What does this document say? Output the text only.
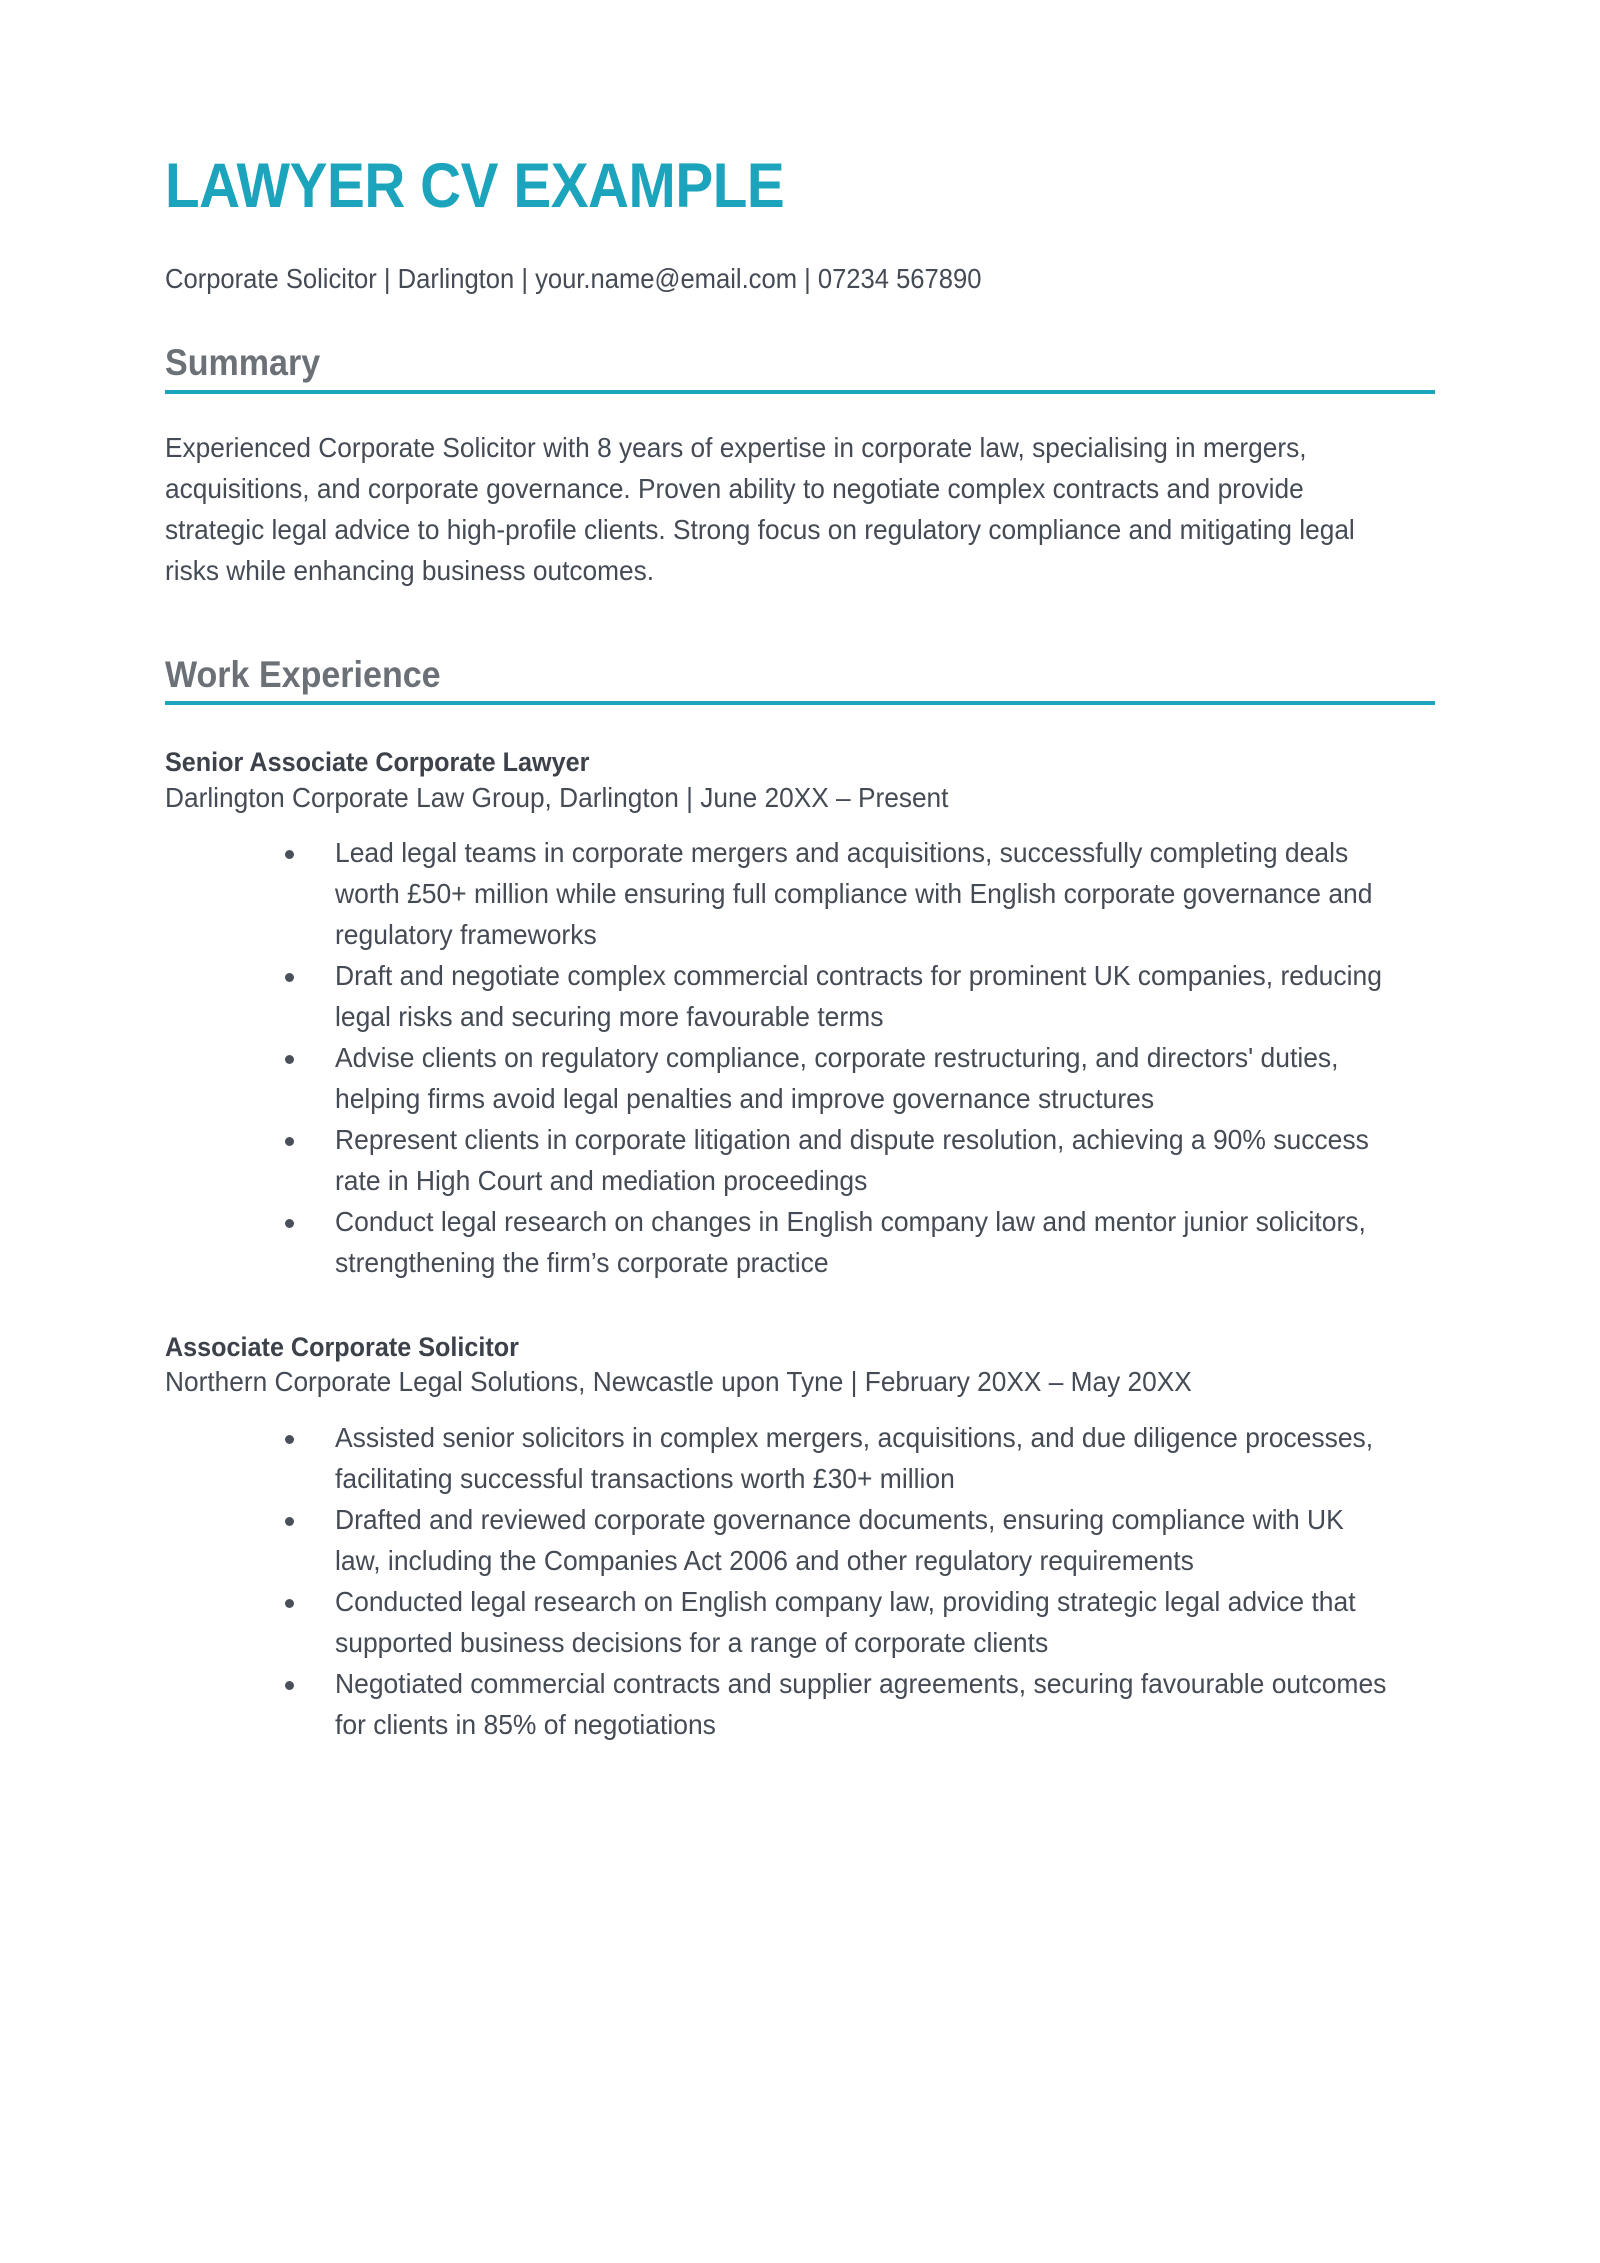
LAWYER CV EXAMPLE

Corporate Solicitor | Darlington | your.name@email.com | 07234 567890

Summary

Experienced Corporate Solicitor with 8 years of expertise in corporate law, specialising in mergers, acquisitions, and corporate governance. Proven ability to negotiate complex contracts and provide strategic legal advice to high-profile clients. Strong focus on regulatory compliance and mitigating legal risks while enhancing business outcomes.

Work Experience

Senior Associate Corporate Lawyer

Darlington Corporate Law Group, Darlington | June 20XX – Present

Lead legal teams in corporate mergers and acquisitions, successfully completing deals worth £50+ million while ensuring full compliance with English corporate governance and regulatory frameworks
Draft and negotiate complex commercial contracts for prominent UK companies, reducing legal risks and securing more favourable terms
Advise clients on regulatory compliance, corporate restructuring, and directors' duties, helping firms avoid legal penalties and improve governance structures
Represent clients in corporate litigation and dispute resolution, achieving a 90% success rate in High Court and mediation proceedings
Conduct legal research on changes in English company law and mentor junior solicitors, strengthening the firm’s corporate practice

Associate Corporate Solicitor

Northern Corporate Legal Solutions, Newcastle upon Tyne | February 20XX – May 20XX

Assisted senior solicitors in complex mergers, acquisitions, and due diligence processes, facilitating successful transactions worth £30+ million
Drafted and reviewed corporate governance documents, ensuring compliance with UK law, including the Companies Act 2006 and other regulatory requirements
Conducted legal research on English company law, providing strategic legal advice that supported business decisions for a range of corporate clients
Negotiated commercial contracts and supplier agreements, securing favourable outcomes for clients in 85% of negotiations
